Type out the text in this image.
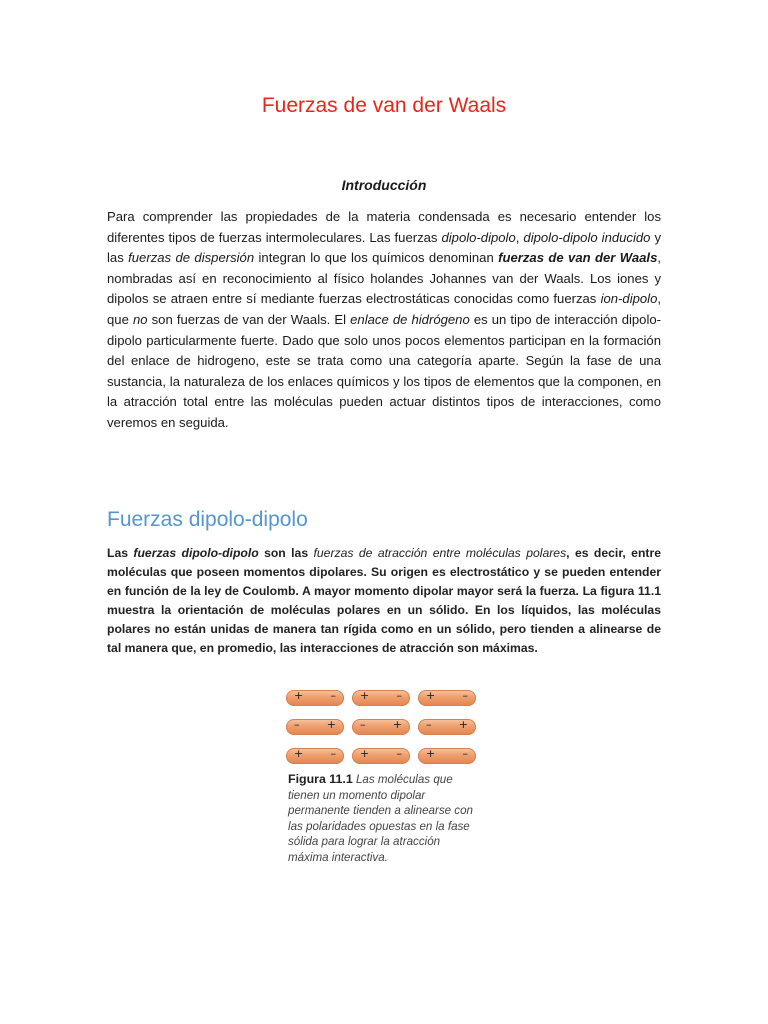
Fuerzas de van der Waals
Introducción

Para comprender las propiedades de la materia condensada es necesario entender los diferentes tipos de fuerzas intermoleculares. Las fuerzas dipolo-dipolo, dipolo-dipolo inducido y las fuerzas de dispersión integran lo que los químicos denominan fuerzas de van der Waals, nombradas así en reconocimiento al físico holandes Johannes van der Waals. Los iones y dipolos se atraen entre sí mediante fuerzas electrostáticas conocidas como fuerzas ion-dipolo, que no son fuerzas de van der Waals. El enlace de hidrógeno es un tipo de interacción dipolo-dipolo particularmente fuerte. Dado que solo unos pocos elementos participan en la formación del enlace de hidrogeno, este se trata como una categoría aparte. Según la fase de una sustancia, la naturaleza de los enlaces químicos y los tipos de elementos que la componen, en la atracción total entre las moléculas pueden actuar distintos tipos de interacciones, como veremos en seguida.

Fuerzas dipolo-dipolo

Las fuerzas dipolo-dipolo son las fuerzas de atracción entre moléculas polares, es decir, entre moléculas que poseen momentos dipolares. Su origen es electrostático y se pueden entender en función de la ley de Coulomb. A mayor momento dipolar mayor será la fuerza. La figura 11.1 muestra la orientación de moléculas polares en un sólido. En los líquidos, las moléculas polares no están unidas de manera tan rígida como en un sólido, pero tienden a alinearse de tal manera que, en promedio, las interacciones de atracción son máximas.

+ – + – + –
– + – + – +
+ – + – + –
Figura 11.1 Las moléculas que tienen un momento dipolar permanente tienden a alinearse con las polaridades opuestas en la fase sólida para lograr la atracción máxima interactiva.
